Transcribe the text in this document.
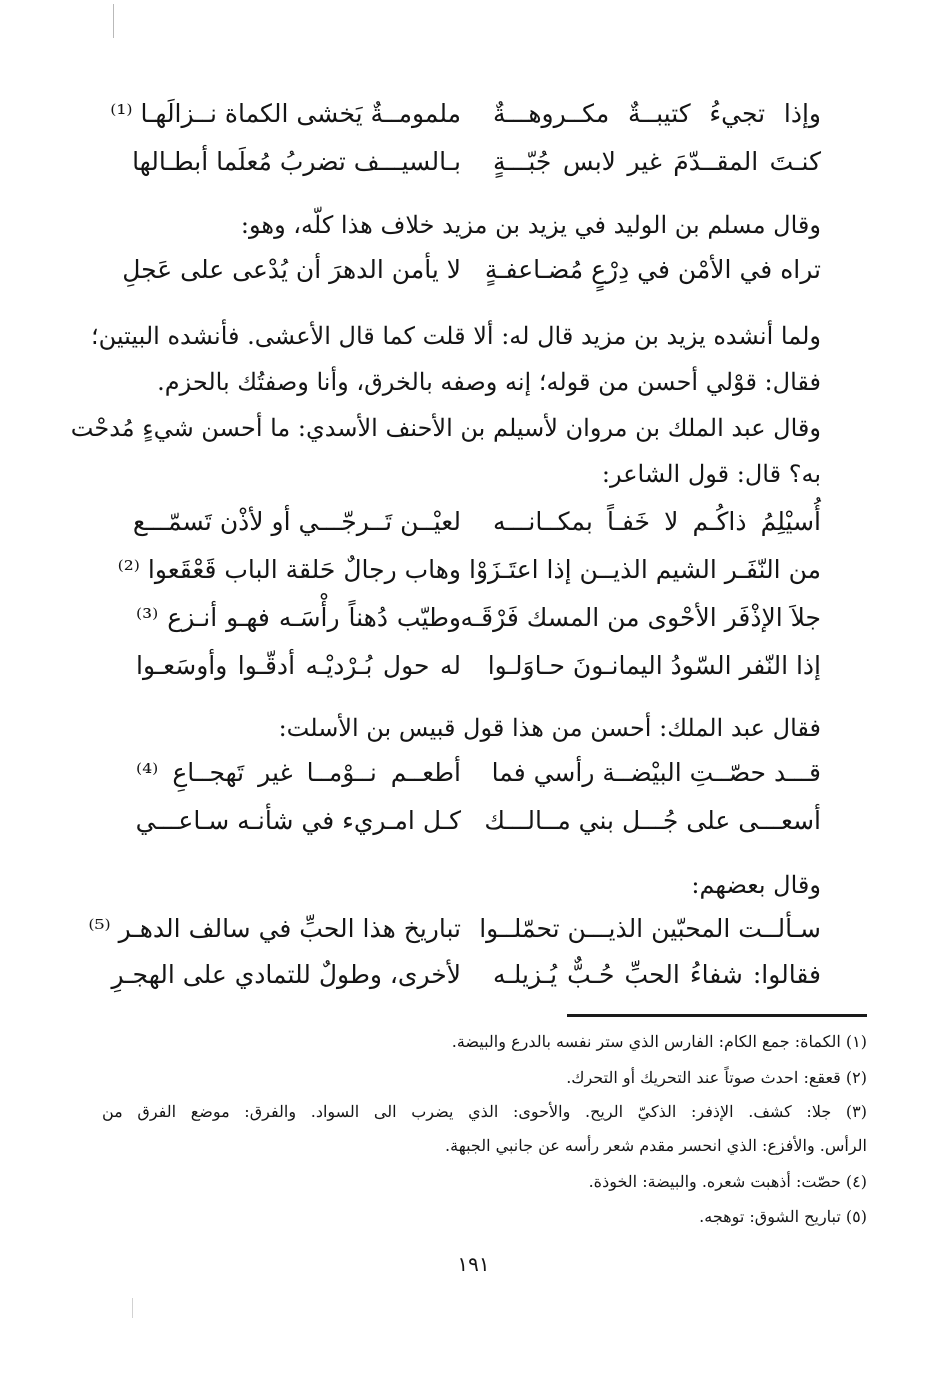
وإذا تجيءُ كتيبــةٌ مكــروهـــةٌ
ملمومــةٌ يَخشى الكماة نــزالَهـا ⁽¹⁾
كنـتَ المقــدّمَ غير لابس جُبّـــةٍ
بـالسيـــف تضربُ مُعلَما أبطـالها
وقال مسلم بن الوليد في يزيد بن مزيد خلاف هذا كلّه، وهو:
تراه في الأمْن في دِرْعٍ مُضـاعفـةٍ
لا يأمن الدهرَ أن يُدْعى على عَجلِ
ولما أنشده يزيد بن مزيد قال له: ألا قلت كما قال الأعشى. فأنشده البيتين؛
فقال: قوْلي أحسن من قوله؛ إنه وصفه بالخرق، وأنا وصفتُك بالحزم.
وقال عبد الملك بن مروان لأسيلم بن الأحنف الأسدي: ما أحسن شيءٍ مُدحْت
به؟ قال: قول الشاعر:
أُسيْلِمُ ذاكُـم لا خَفـاً بمكــانـــه
لعيْــن تَــرجّـــي أو لأذْن تَسمّـــع
من النّفَـر الشيم الذيــن إذا اعتَـزَوْا
وهاب رجالٌ حَلقة الباب قَعْقَعوا ⁽²⁾
جلاَ الإذْفَر الأحْوى من المسك فَرْقَـه
وطيّب دُهناً رأْسَـه فهـو أنـزع ⁽³⁾
إذا النّفر السّودُ اليمانـونَ حـاوَلـوا
له حول بُـرْديْـه أدقّـوا وأوسَعـوا
فقال عبد الملك: أحسن من هذا قول قبيس بن الأسلت:
قـــد حصّــتِ البيْضــة رأسي فما
أطعــم نــوْمــا غير تَهجــاعِ ⁽⁴⁾
أسعـــى على جُـــل بني مــالـــك
كـل امـريء في شأنـه سـاعـــي
وقال بعضهم:
سـألــت المحبّين الذيـــن تحمّلــوا
تباريخ هذا الحبِّ في سالف الدهـر ⁽⁵⁾
فقالوا: شفاءُ الحبِّ حُـبٌّ يُـزيلـه
لأخرى، وطولٌ للتمادي على الهجـرِ
(١) الكماة: جمع الكام: الفارس الذي ستر نفسه بالدرع والبيضة.
(٢) قعقع: احدث صوتاً عند التحريك أو التحرك.
(٣) جلا: كشف. الإذفر: الذكيّ الريح. والأحوى: الذي يضرب الى السواد. والفرق: موضع الفرق من
الرأس. والأفزع: الذي انحسر مقدم شعر رأسه عن جانبي الجبهة.
(٤) حصّت: أذهبت شعره. والبيضة: الخوذة.
(٥) تباريح الشوق: توهجه.
١٩١
